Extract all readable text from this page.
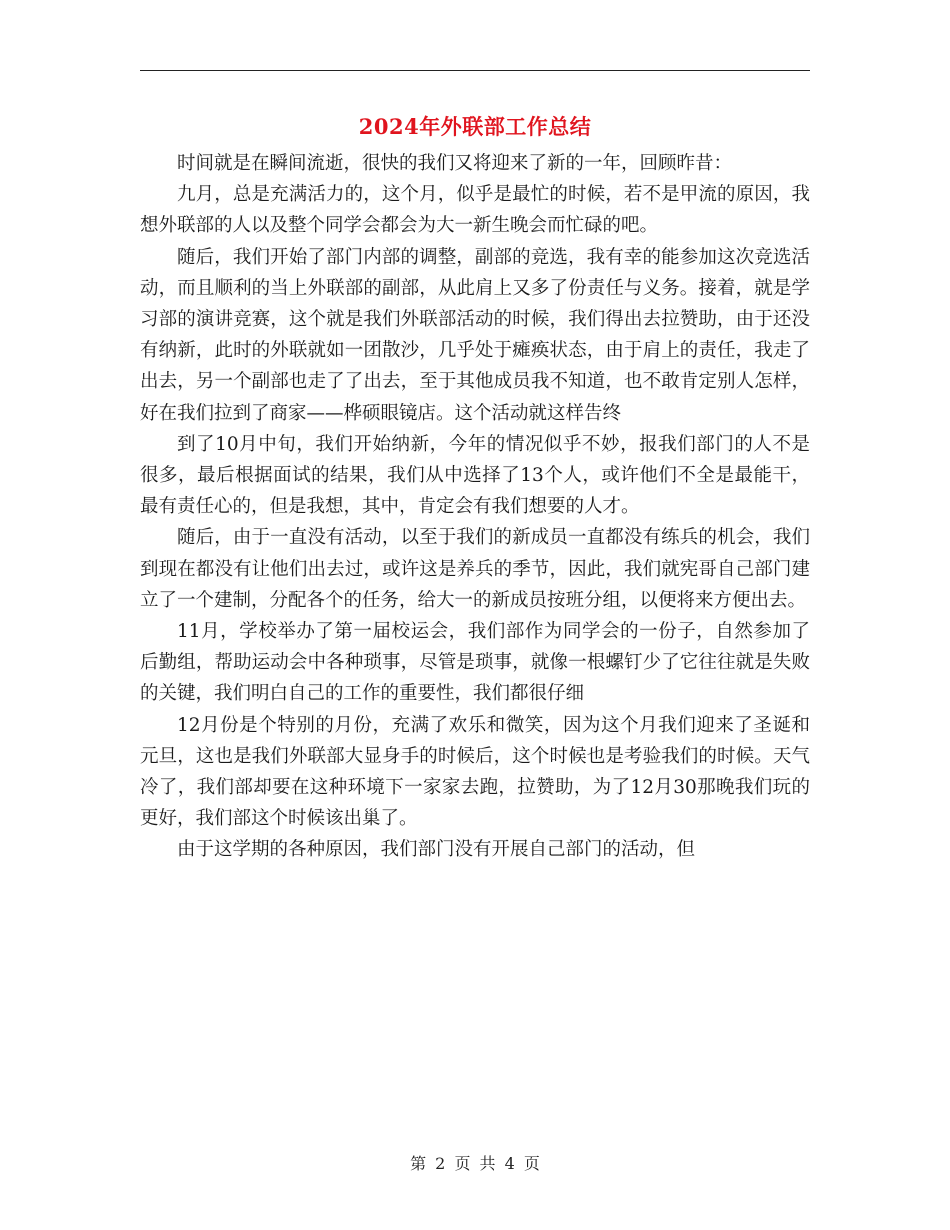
2024年外联部工作总结

时间就是在瞬间流逝，很快的我们又将迎来了新的一年，回顾昨昔：

九月，总是充满活力的，这个月，似乎是最忙的时候，若不是甲流的原因，我想外联部的人以及整个同学会都会为大一新生晚会而忙碌的吧。

随后，我们开始了部门内部的调整，副部的竞选，我有幸的能参加这次竞选活动，而且顺利的当上外联部的副部，从此肩上又多了份责任与义务。接着，就是学习部的演讲竞赛，这个就是我们外联部活动的时候，我们得出去拉赞助，由于还没有纳新，此时的外联就如一团散沙，几乎处于瘫痪状态，由于肩上的责任，我走了出去，另一个副部也走了了出去，至于其他成员我不知道，也不敢肯定别人怎样，好在我们拉到了商家——桦硕眼镜店。这个活动就这样告终

到了10月中旬，我们开始纳新，今年的情况似乎不妙，报我们部门的人不是很多，最后根据面试的结果，我们从中选择了13个人，或许他们不全是最能干，最有责任心的，但是我想，其中，肯定会有我们想要的人才。

随后，由于一直没有活动，以至于我们的新成员一直都没有练兵的机会，我们到现在都没有让他们出去过，或许这是养兵的季节，因此，我们就宪哥自己部门建立了一个建制，分配各个的任务，给大一的新成员按班分组，以便将来方便出去。

11月，学校举办了第一届校运会，我们部作为同学会的一份子，自然参加了后勤组，帮助运动会中各种琐事，尽管是琐事，就像一根螺钉少了它往往就是失败的关键，我们明白自己的工作的重要性，我们都很仔细

12月份是个特别的月份，充满了欢乐和微笑，因为这个月我们迎来了圣诞和元旦，这也是我们外联部大显身手的时候后，这个时候也是考验我们的时候。天气冷了，我们部却要在这种环境下一家家去跑，拉赞助，为了12月30那晚我们玩的更好，我们部这个时候该出巢了。

由于这学期的各种原因，我们部门没有开展自己部门的活动，但

第 2 页 共 4 页
